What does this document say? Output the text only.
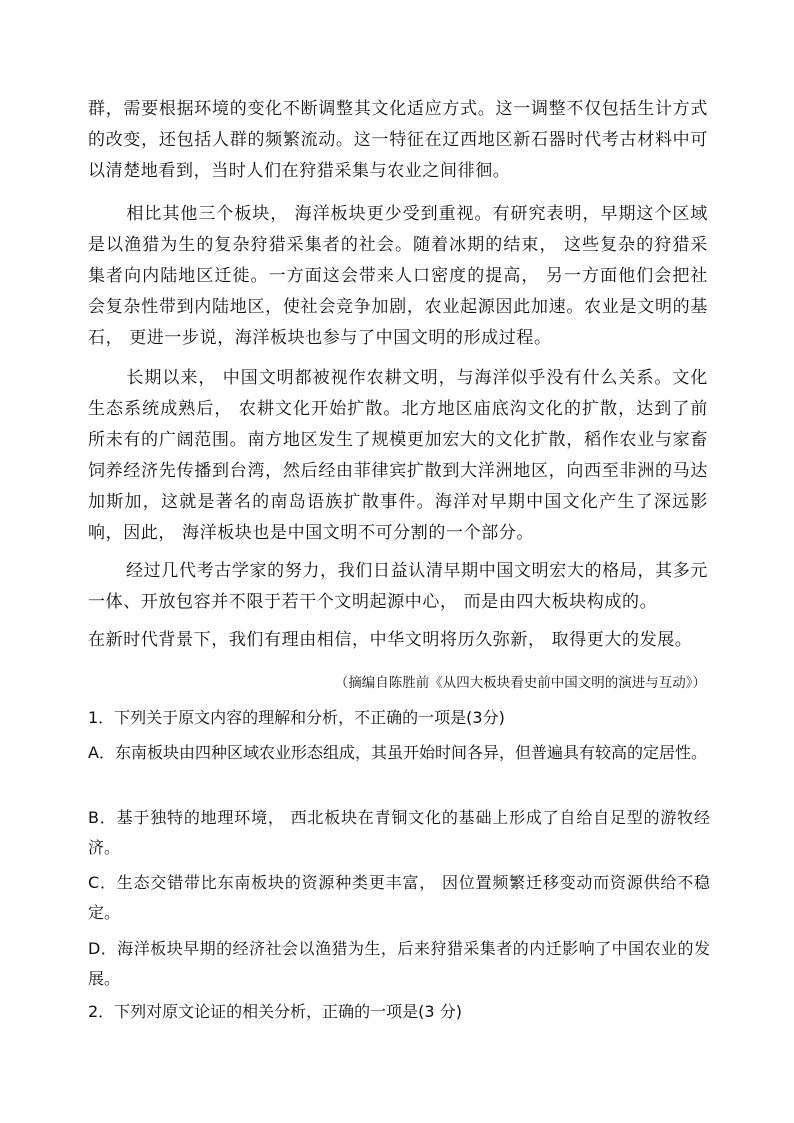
群，需要根据环境的变化不断调整其文化适应方式。这一调整不仅包括生计方式的改变，还包括人群的频繁流动。这一特征在辽西地区新石器时代考古材料中可以清楚地看到，当时人们在狩猎采集与农业之间徘徊。

相比其他三个板块， 海洋板块更少受到重视。有研究表明，早期这个区域是以渔猎为生的复杂狩猎采集者的社会。随着冰期的结束， 这些复杂的狩猎采集者向内陆地区迁徙。一方面这会带来人口密度的提高， 另一方面他们会把社会复杂性带到内陆地区，使社会竞争加剧，农业起源因此加速。农业是文明的基石， 更进一步说，海洋板块也参与了中国文明的形成过程。

长期以来， 中国文明都被视作农耕文明，与海洋似乎没有什么关系。文化生态系统成熟后， 农耕文化开始扩散。北方地区庙底沟文化的扩散，达到了前所未有的广阔范围。南方地区发生了规模更加宏大的文化扩散，稻作农业与家畜饲养经济先传播到台湾，然后经由菲律宾扩散到大洋洲地区，向西至非洲的马达加斯加，这就是著名的南岛语族扩散事件。海洋对早期中国文化产生了深远影响，因此， 海洋板块也是中国文明不可分割的一个部分。

经过几代考古学家的努力，我们日益认清早期中国文明宏大的格局，其多元一体、开放包容并不限于若干个文明起源中心， 而是由四大板块构成的。

在新时代背景下，我们有理由相信，中华文明将历久弥新， 取得更大的发展。

（摘编自陈胜前《从四大板块看史前中国文明的演进与互动》）

1．下列关于原文内容的理解和分析，不正确的一项是(3分)

A．东南板块由四种区域农业形态组成，其虽开始时间各异，但普遍具有较高的定居性。

B．基于独特的地理环境， 西北板块在青铜文化的基础上形成了自给自足型的游牧经济。

C．生态交错带比东南板块的资源种类更丰富， 因位置频繁迁移变动而资源供给不稳定。

D．海洋板块早期的经济社会以渔猎为生，后来狩猎采集者的内迁影响了中国农业的发展。

2．下列对原文论证的相关分析，正确的一项是(3 分)
